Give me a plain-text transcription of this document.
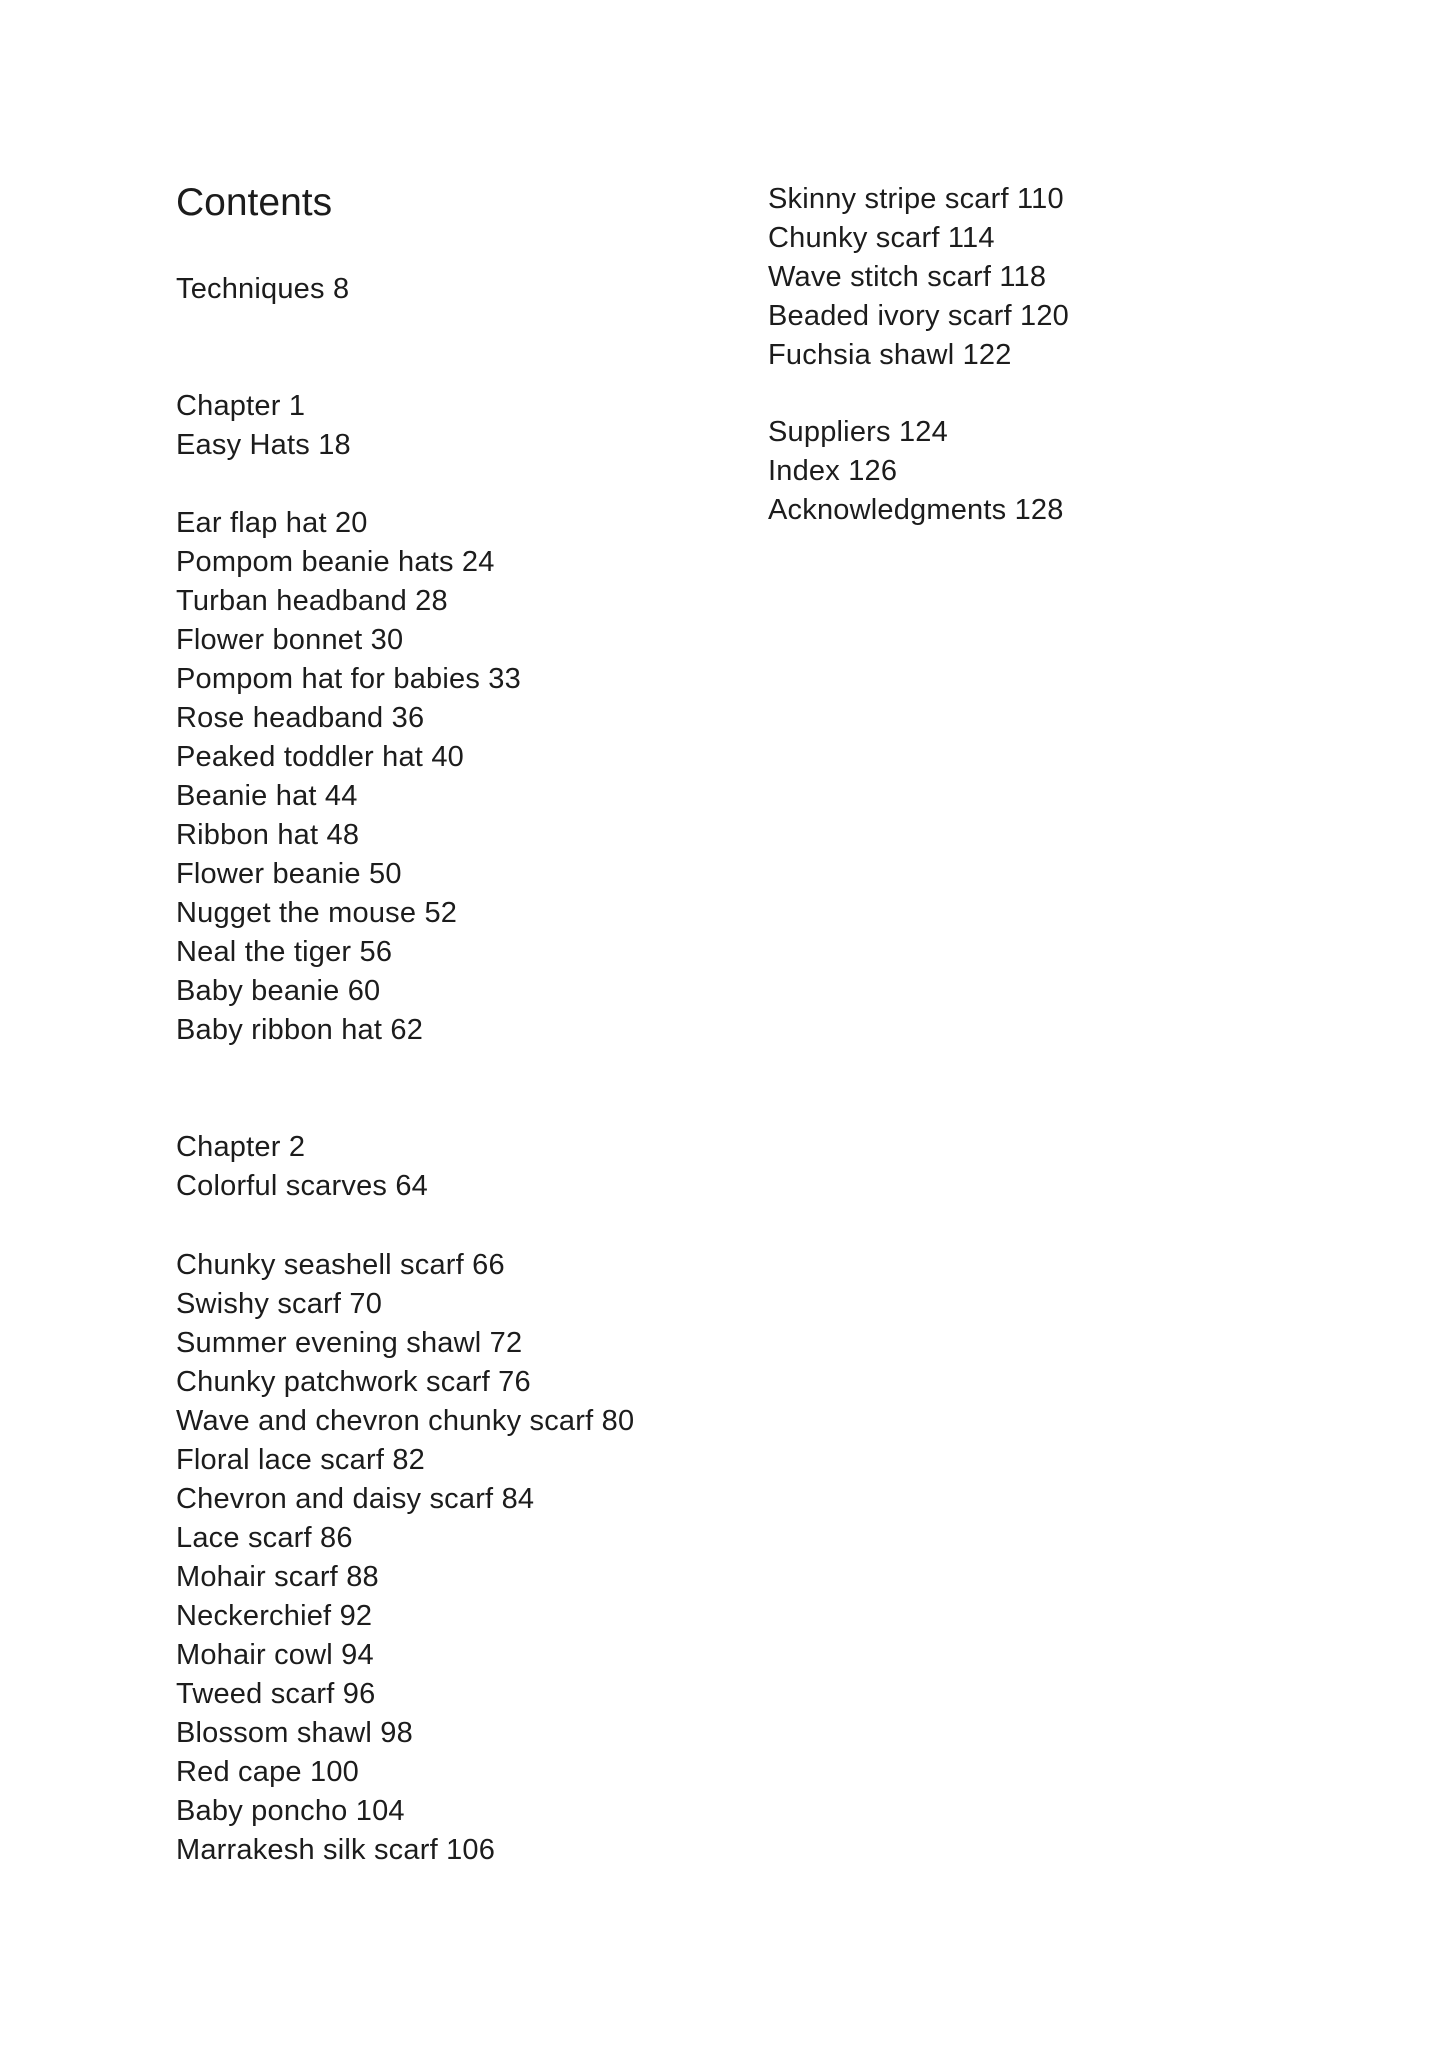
Contents
Techniques 8
Chapter 1
Easy Hats 18
Ear flap hat 20
Pompom beanie hats 24
Turban headband 28
Flower bonnet 30
Pompom hat for babies 33
Rose headband 36
Peaked toddler hat 40
Beanie hat 44
Ribbon hat 48
Flower beanie 50
Nugget the mouse 52
Neal the tiger 56
Baby beanie 60
Baby ribbon hat 62
Chapter 2
Colorful scarves 64
Chunky seashell scarf 66
Swishy scarf 70
Summer evening shawl 72
Chunky patchwork scarf 76
Wave and chevron chunky scarf 80
Floral lace scarf 82
Chevron and daisy scarf 84
Lace scarf 86
Mohair scarf 88
Neckerchief 92
Mohair cowl 94
Tweed scarf 96
Blossom shawl 98
Red cape 100
Baby poncho 104
Marrakesh silk scarf 106
Skinny stripe scarf 110
Chunky scarf 114
Wave stitch scarf 118
Beaded ivory scarf 120
Fuchsia shawl 122
Suppliers 124
Index 126
Acknowledgments 128
